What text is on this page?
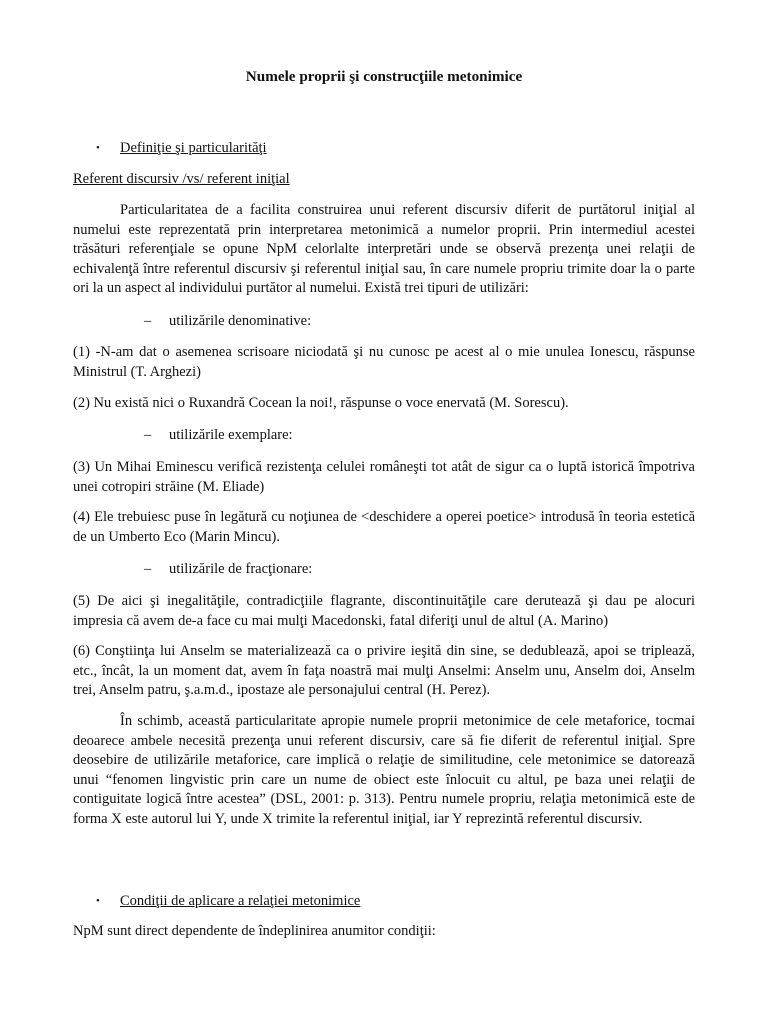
Numele proprii şi construcţiile metonimice
• Definiţie şi particularităţi

Referent discursiv /vs/ referent iniţial

Particularitatea de a facilita construirea unui referent discursiv diferit de purtătorul iniţial al numelui este reprezentată prin interpretarea metonimică a numelor proprii. Prin intermediul acestei trăsături referenţiale se opune NpM celorlalte interpretări unde se observă prezenţa unei relaţii de echivalenţă între referentul discursiv şi referentul iniţial sau, în care numele propriu trimite doar la o parte ori la un aspect al individului purtător al numelui. Există trei tipuri de utilizări:

– utilizările denominative:

(1) -N-am dat o asemenea scrisoare niciodată şi nu cunosc pe acest al o mie unulea Ionescu, răspunse Ministrul (T. Arghezi)

(2) Nu există nici o Ruxandră Cocean la noi!, răspunse o voce enervată (M. Sorescu).

– utilizările exemplare:

(3) Un Mihai Eminescu verifică rezistenţa celulei româneşti tot atât de sigur ca o luptă istorică împotriva unei cotropiri străine (M. Eliade)

(4) Ele trebuiesc puse în legătură cu noţiunea de <deschidere a operei poetice> introdusă în teoria estetică de un Umberto Eco (Marin Mincu).

– utilizările de fracţionare:

(5) De aici şi inegalităţile, contradicţiile flagrante, discontinuităţile care derutează şi dau pe alocuri impresia că avem de-a face cu mai mulţi Macedonski, fatal diferiţi unul de altul (A. Marino)

(6) Conştiinţa lui Anselm se materializează ca o privire ieşită din sine, se dedublează, apoi se triplează, etc., încât, la un moment dat, avem în faţa noastră mai mulţi Anselmi: Anselm unu, Anselm doi, Anselm trei, Anselm patru, ş.a.m.d., ipostaze ale personajului central (H. Perez).

În schimb, această particularitate apropie numele proprii metonimice de cele metaforice, tocmai deoarece ambele necesită prezenţa unui referent discursiv, care să fie diferit de referentul iniţial. Spre deosebire de utilizările metaforice, care implică o relaţie de similitudine, cele metonimice se datorează unui “fenomen lingvistic prin care un nume de obiect este înlocuit cu altul, pe baza unei relaţii de contiguitate logică între acestea” (DSL, 2001: p. 313). Pentru numele propriu, relaţia metonimică este de forma X este autorul lui Y, unde X trimite la referentul iniţial, iar Y reprezintă referentul discursiv.

• Condiţii de aplicare a relaţiei metonimice

NpM sunt direct dependente de îndeplinirea anumitor condiţii:
